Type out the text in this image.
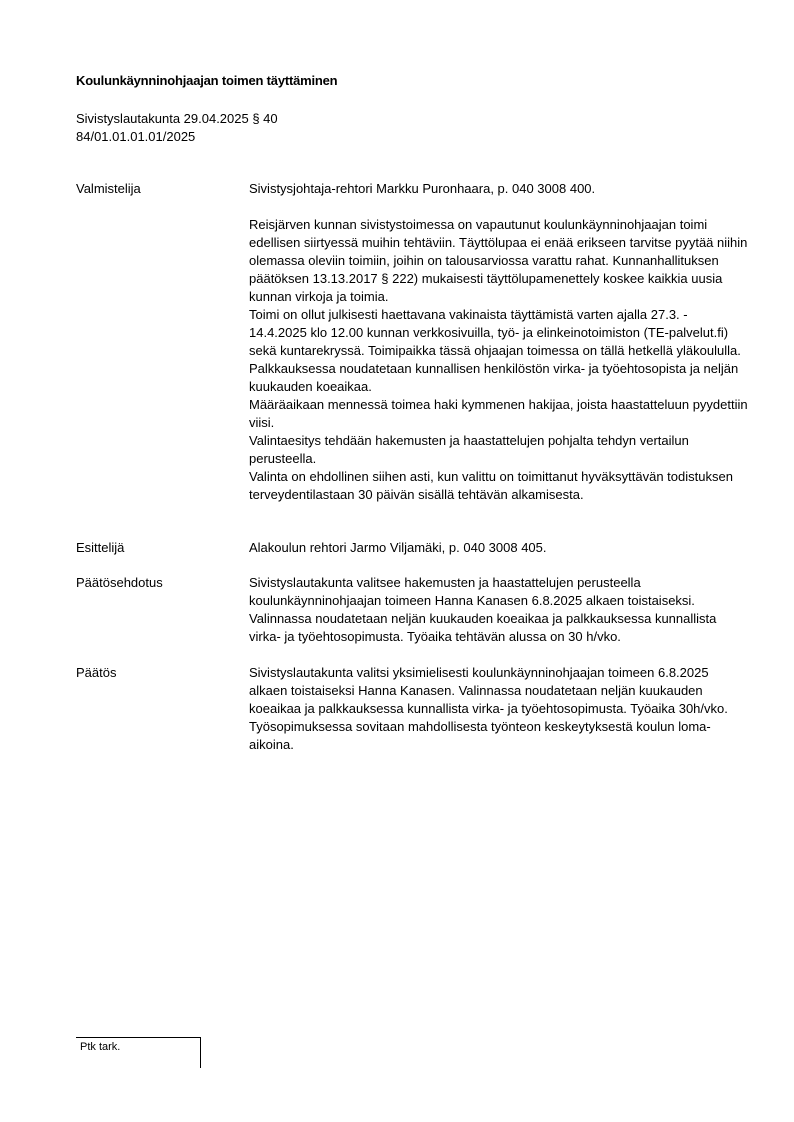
Koulunkäynninohjaajan toimen täyttäminen
Sivistyslautakunta 29.04.2025 § 40
84/01.01.01.01/2025
Valmistelija	Sivistysjohtaja-rehtori Markku Puronhaara, p. 040 3008 400.

Reisjärven kunnan sivistystoimessa on vapautunut koulunkäynninohjaajan toimi edellisen siirtyessä muihin tehtäviin. Täyttölupaa ei enää erikseen tarvitse pyytää niihin olemassa oleviin toimiin, joihin on talousarviossa varattu rahat. Kunnanhallituksen päätöksen 13.13.2017 § 222) mukaisesti täyttölupamenettely koskee kaikkia uusia kunnan virkoja ja toimia.

Toimi on ollut julkisesti haettavana vakinaista täyttämistä varten ajalla 27.3. - 14.4.2025 klo 12.00 kunnan verkkosivuilla, työ- ja elinkeinotoimiston (TE-palvelut.fi) sekä kuntarekryssä. Toimipaikka tässä ohjaajan toimessa on tällä hetkellä yläkoululla.

Palkkauksessa noudatetaan kunnallisen henkilöstön virka- ja työehtosopista ja neljän kuukauden koeaikaa.

Määräaikaan mennessä toimea haki kymmenen hakijaa, joista haastatteluun pyydettiin viisi.

Valintaesitys tehdään hakemusten ja haastattelujen pohjalta tehdyn vertailun perusteella.

Valinta on ehdollinen siihen asti, kun valittu on toimittanut hyväksyttävän todistuksen terveydentilastaan 30 päivän sisällä tehtävän alkamisesta.

Esittelijä	Alakoulun rehtori Jarmo Viljamäki, p. 040 3008 405.

Päätösehdotus	Sivistyslautakunta valitsee hakemusten ja haastattelujen perusteella koulunkäynninohjaajan toimeen Hanna Kanasen 6.8.2025 alkaen toistaiseksi. Valinnassa noudatetaan neljän kuukauden koeaikaa ja palkkauksessa kunnallista virka- ja työehtosopimusta. Työaika tehtävän alussa on 30 h/vko.

Päätös	Sivistyslautakunta valitsi yksimielisesti koulunkäynninohjaajan toimeen 6.8.2025 alkaen toistaiseksi Hanna Kanasen. Valinnassa noudatetaan neljän kuukauden koeaikaa ja palkkauksessa kunnallista virka- ja työehtosopimusta. Työaika 30h/vko. Työsopimuksessa sovitaan mahdollisesta työnteon keskeytyksestä koulun loma-aikoina.

Ptk tark.
